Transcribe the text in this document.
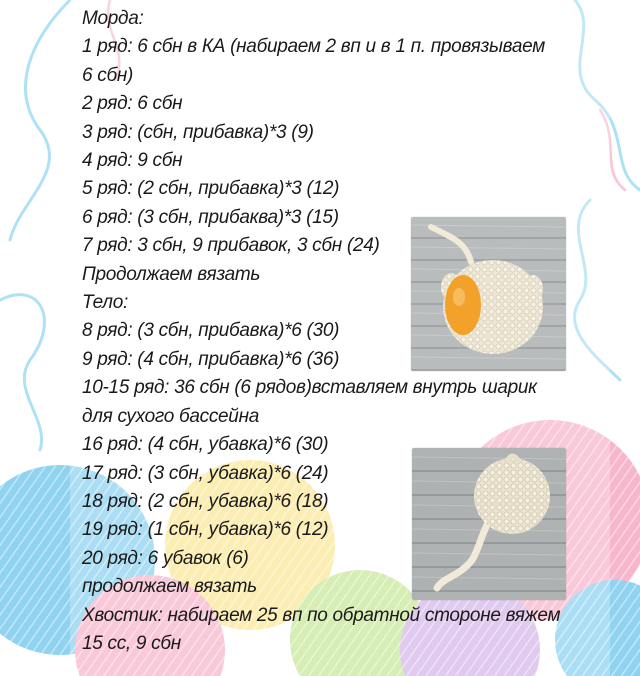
Морда:
1 ряд: 6 сбн в КА (набираем 2 вп и в 1 п. провязываем
6 сбн)
2 ряд: 6 сбн
3 ряд: (сбн, прибавка)*3 (9)
4 ряд: 9 сбн
5 ряд: (2 сбн, прибавка)*3 (12)
6 ряд: (3 сбн, прибаква)*3 (15)
7 ряд: 3 сбн, 9 прибавок, 3 сбн (24)
Продолжаем вязать
Тело:
8 ряд: (3 сбн, прибавка)*6 (30)
9 ряд: (4 сбн, прибавка)*6 (36)
10-15 ряд: 36 сбн (6 рядов)вставляем внутрь шарик
для сухого бассейна
16 ряд: (4 сбн, убавка)*6 (30)
17 ряд: (3 сбн, убавка)*6 (24)
18 ряд: (2 сбн, убавка)*6 (18)
19 ряд: (1 сбн, убавка)*6 (12)
20 ряд: 6 убавок (6)
продолжаем вязать
Хвостик: набираем 25 вп по обратной стороне вяжем
15 сс, 9 сбн
